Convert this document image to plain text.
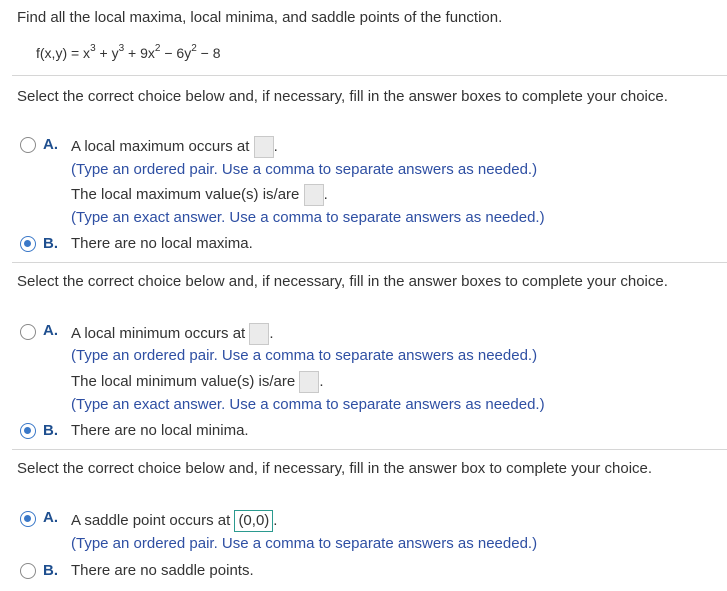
Find all the local maxima, local minima, and saddle points of the function.
$f(x,y) = x^3 + y^3 + 9x^2 - 6y^2 - 8$
Select the correct choice below and, if necessary, fill in the answer boxes to complete your choice.
A. A local maximum occurs at .
(Type an ordered pair. Use a comma to separate answers as needed.)
The local maximum value(s) is/are .
(Type an exact answer. Use a comma to separate answers as needed.)
B. There are no local maxima.
Select the correct choice below and, if necessary, fill in the answer boxes to complete your choice.
A. A local minimum occurs at .
(Type an ordered pair. Use a comma to separate answers as needed.)
The local minimum value(s) is/are .
(Type an exact answer. Use a comma to separate answers as needed.)
B. There are no local minima.
Select the correct choice below and, if necessary, fill in the answer box to complete your choice.
A. A saddle point occurs at (0,0) .
(Type an ordered pair. Use a comma to separate answers as needed.)
B. There are no saddle points.
